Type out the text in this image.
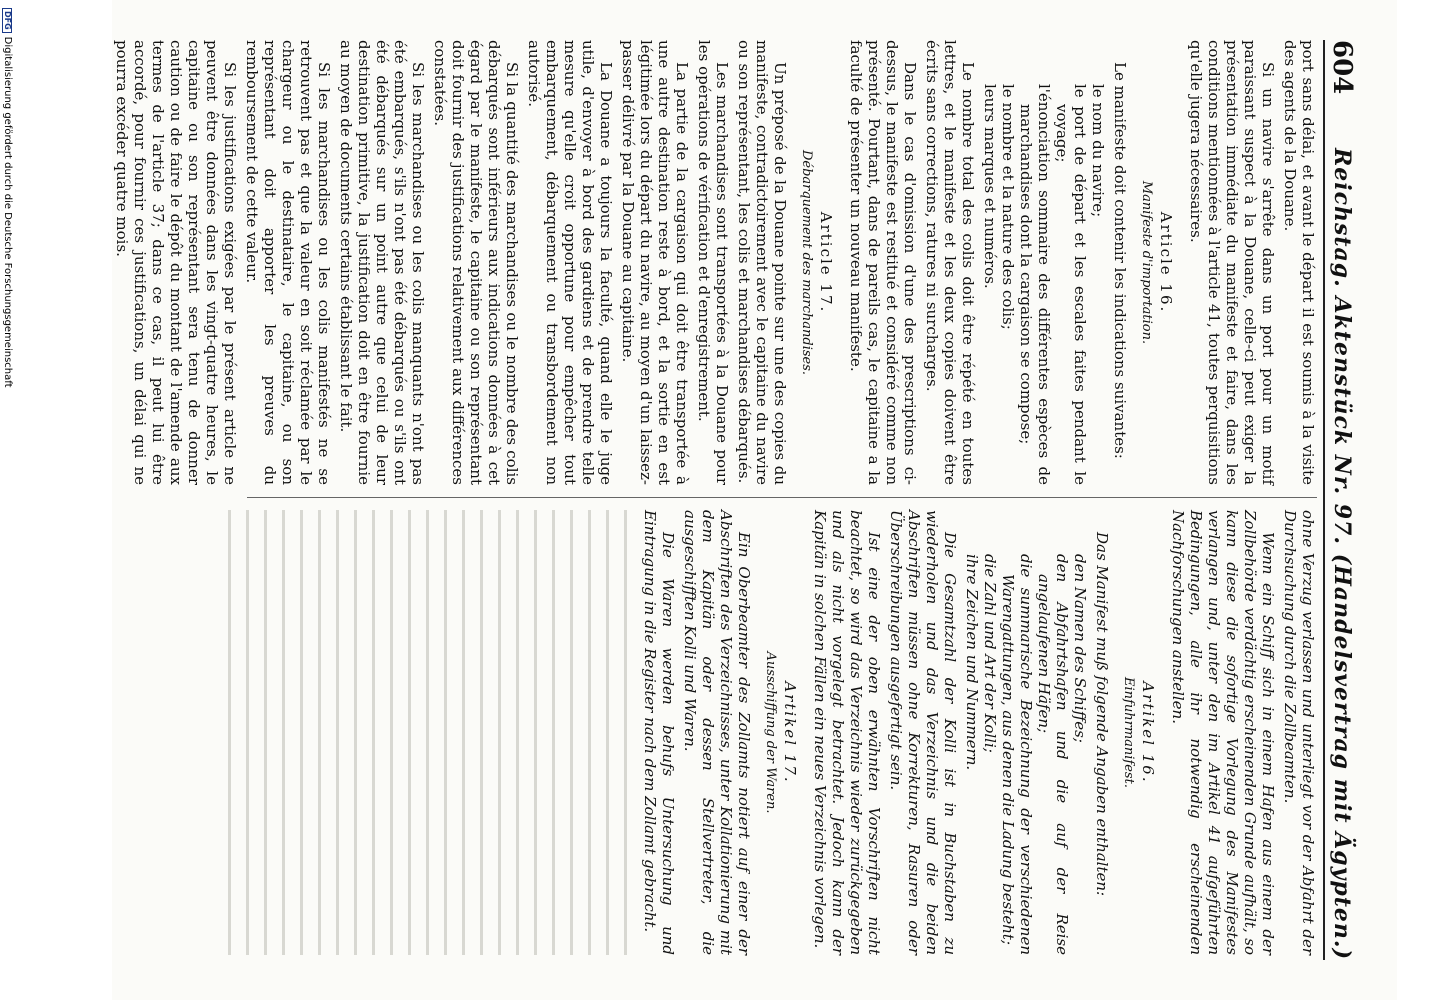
604
Reichstag. Aktenstück Nr. 97. (Handelsvertrag mit Ägypten.)

port sans délai, et avant le départ il est soumis à la visite des agents de la Douane.

Si un navire s'arrête dans un port pour un motif paraissant suspect à la Douane, celle-ci peut exiger la présentation immédiate du manifeste et faire, dans les conditions mentionnées à l'article 41, toutes perquisitions qu'elle jugera nécessaires.

Article 16.

Manifeste d'importation.

Le manifeste doit contenir les indications suivantes:

le nom du navire;
le port de départ et les escales faites pendant le voyage;
l'énonciation sommaire des différentes espèces de marchandises dont la cargaison se compose;
le nombre et la nature des colis;
leurs marques et numéros.

Le nombre total des colis doit être répété en toutes lettres, et le manifeste et les deux copies doivent être écrits sans corrections, ratures ni surcharges.

Dans le cas d'omission d'une des prescriptions ci-dessus, le manifeste est restitué et considéré comme non présenté. Pourtant, dans de pareils cas, le capitaine a la faculté de présenter un nouveau manifeste.

Article 17.

Débarquement des marchandises.

Un préposé de la Douane pointe sur une des copies du manifeste, contradictoirement avec le capitaine du navire ou son représentant, les colis et marchandises débarqués.

Les marchandises sont transportées à la Douane pour les opérations de vérification et d'enregistrement.

La partie de la cargaison qui doit être transportée à une autre destination reste à bord, et la sortie en est légitimée lors du départ du navire, au moyen d'un laissez-passer délivré par la Douane au capitaine.

La Douane a toujours la faculté, quand elle le juge utile, d'envoyer à bord des gardiens et de prendre telle mesure qu'elle croit opportune pour empêcher tout embarquement, débarquement ou transbordement non autorisé.

Si la quantité des marchandises ou le nombre des colis débarqués sont inférieurs aux indications données à cet égard par le manifeste, le capitaine ou son représentant doit fournir des justifications relativement aux différences constatées.

Si les marchandises ou les colis manquants n'ont pas été embarqués, s'ils n'ont pas été débarqués ou s'ils ont été débarqués sur un point autre que celui de leur destination primitive, la justification doit en être fournie au moyen de documents certains établissant le fait.

Si les marchandises ou les colis manifestés ne se retrouvent pas et que la valeur en soit réclamée par le chargeur ou le destinataire, le capitaine, ou son représentant doit apporter les preuves du remboursement de cette valeur.

Si les justifications exigées par le présent article ne peuvent être données dans les vingt-quatre heures, le capitaine ou son représentant sera tenu de donner caution ou de faire le dépôt du montant de l'amende aux termes de l'article 37; dans ce cas, il peut lui être accordé, pour fournir ces justifications, un délai qui ne pourra excéder quatre mois.

ohne Verzug verlassen und unterliegt vor der Abfahrt der Durchsuchung durch die Zollbeamten.

Wenn ein Schiff sich in einem Hafen aus einem der Zollbehörde verdächtig erscheinenden Grunde aufhält, so kann diese die sofortige Vorlegung des Manifestes verlangen und, unter den im Artikel 41 aufgeführten Bedingungen, alle ihr notwendig erscheinenden Nachforschungen anstellen.

Artikel 16.

Einfuhrmanifest.

Das Manifest muß folgende Angaben enthalten:

den Namen des Schiffes;
den Abfahrtshafen und die auf der Reise angelaufenen Häfen;
die summarische Bezeichnung der verschiedenen Warengattungen, aus denen die Ladung besteht;
die Zahl und Art der Kolli;
ihre Zeichen und Nummern.

Die Gesamtzahl der Kolli ist in Buchstaben zu wiederholen und das Verzeichnis und die beiden Abschriften müssen ohne Korrekturen, Rasuren oder Überschreibungen ausgefertigt sein.

Ist eine der oben erwähnten Vorschriften nicht beachtet, so wird das Verzeichnis wieder zurückgegeben und als nicht vorgelegt betrachtet. Jedoch kann der Kapitän in solchen Fällen ein neues Verzeichnis vorlegen.

Artikel 17.

Ausschiffung der Waren.

Ein Oberbeamter des Zollamts notiert auf einer der Abschriften des Verzeichnisses, unter Kollationierung mit dem Kapitän oder dessen Stellvertreter, die ausgeschifften Kolli und Waren.

Die Waren werden behufs Untersuchung und Eintragung in die Register nach dem Zollamt gebracht.

DFGDigitalisierung gefördert durch die Deutsche Forschungsgemeinschaft
